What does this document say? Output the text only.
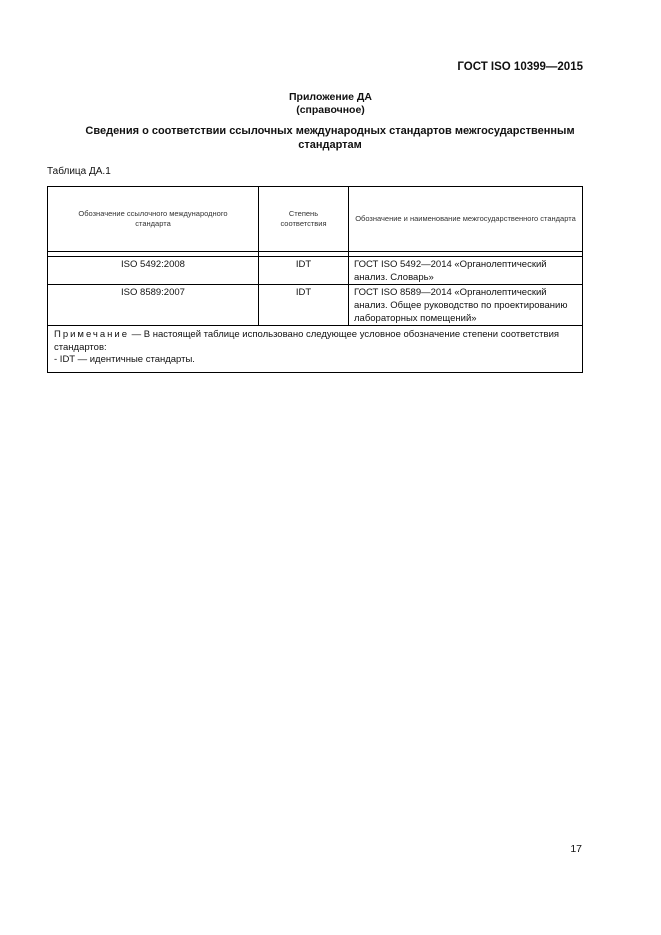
ГОСТ ISO 10399—2015
Приложение ДА
(справочное)
Сведения о соответствии ссылочных международных стандартов межгосударственным стандартам
Таблица ДА.1
Обозначение ссылочного международного стандарта	Степень соответствия	Обозначение и наименование межгосударственного стандарта

ISO 5492:2008	IDT	ГОСТ ISO 5492—2014 «Органолептический анализ. Словарь»
ISO 8589:2007	IDT	ГОСТ ISO 8589—2014 «Органолептический анализ. Общее руководство по проектированию лабораторных помещений»
Примечание — В настоящей таблице использовано следующее условное обозначение степени соответствия стандартов:
- IDT — идентичные стандарты.		
17
